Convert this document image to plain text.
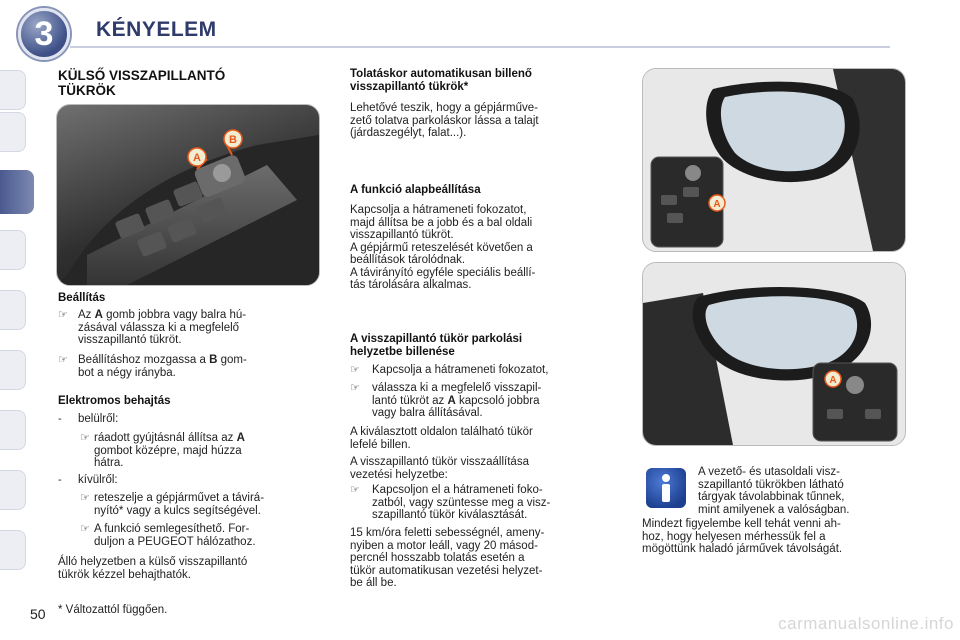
3	KÉNYELEM
KÜLSŐ VISSZAPILLANTÓ
TÜKRÖK
A
B
Beállítás
☞ Az A gomb jobbra vagy balra hú-
zásával válassza ki a megfelelő
visszapillantó tükröt.
☞ Beállításhoz mozgassa a B gom-
bot a négy irányba.
Elektromos behajtás
- belülről:
☞ ráadott gyújtásnál állítsa az A
gombot középre, majd húzza
hátra.
- kívülről:
☞ reteszelje a gépjárművet a távirá-
nyító* vagy a kulcs segítségével.
☞ A funkció semlegesíthető. For-
duljon a PEUGEOT hálózathoz.
Álló helyzetben a külső visszapillantó
tükrök kézzel behajthatók.
Tolatáskor automatikusan billenő
visszapillantó tükrök*
Lehetővé teszik, hogy a gépjárműve-
zető tolatva parkoláskor lássa a talajt
(járdaszegélyt, falat...).
A funkció alapbeállítása
Kapcsolja a hátrameneti fokozatot,
majd állítsa be a jobb és a bal oldali
visszapillantó tükröt.
A gépjármű reteszelését követően a
beállítások tárolódnak.
A távirányító egyféle speciális beállí-
tás tárolására alkalmas.
A visszapillantó tükör parkolási
helyzetbe billenése
☞ Kapcsolja a hátrameneti fokozatot,
☞ válassza ki a megfelelő visszapil-
lantó tükröt az A kapcsoló jobbra
vagy balra állításával.
A kiválasztott oldalon található tükör
lefelé billen.
A visszapillantó tükör visszaállítása
vezetési helyzetbe:
☞ Kapcsoljon el a hátrameneti foko-
zatból, vagy szüntesse meg a visz-
szapillantó tükör kiválasztását.
15 km/óra feletti sebességnél, ameny-
nyiben a motor leáll, vagy 20 másod-
percnél hosszabb tolatás esetén a
tükör automatikusan vezetési helyzet-
be áll be.
A
A
A vezető- és utasoldali visz-
szapillantó tükrökben látható
tárgyak távolabbinak tűnnek,
mint amilyenek a valóságban.
Mindezt figyelembe kell tehát venni ah-
hoz, hogy helyesen mérhessük fel a
mögöttünk haladó járművek távolságát.
50 * Változattól függően.
carmanualsonline.info
